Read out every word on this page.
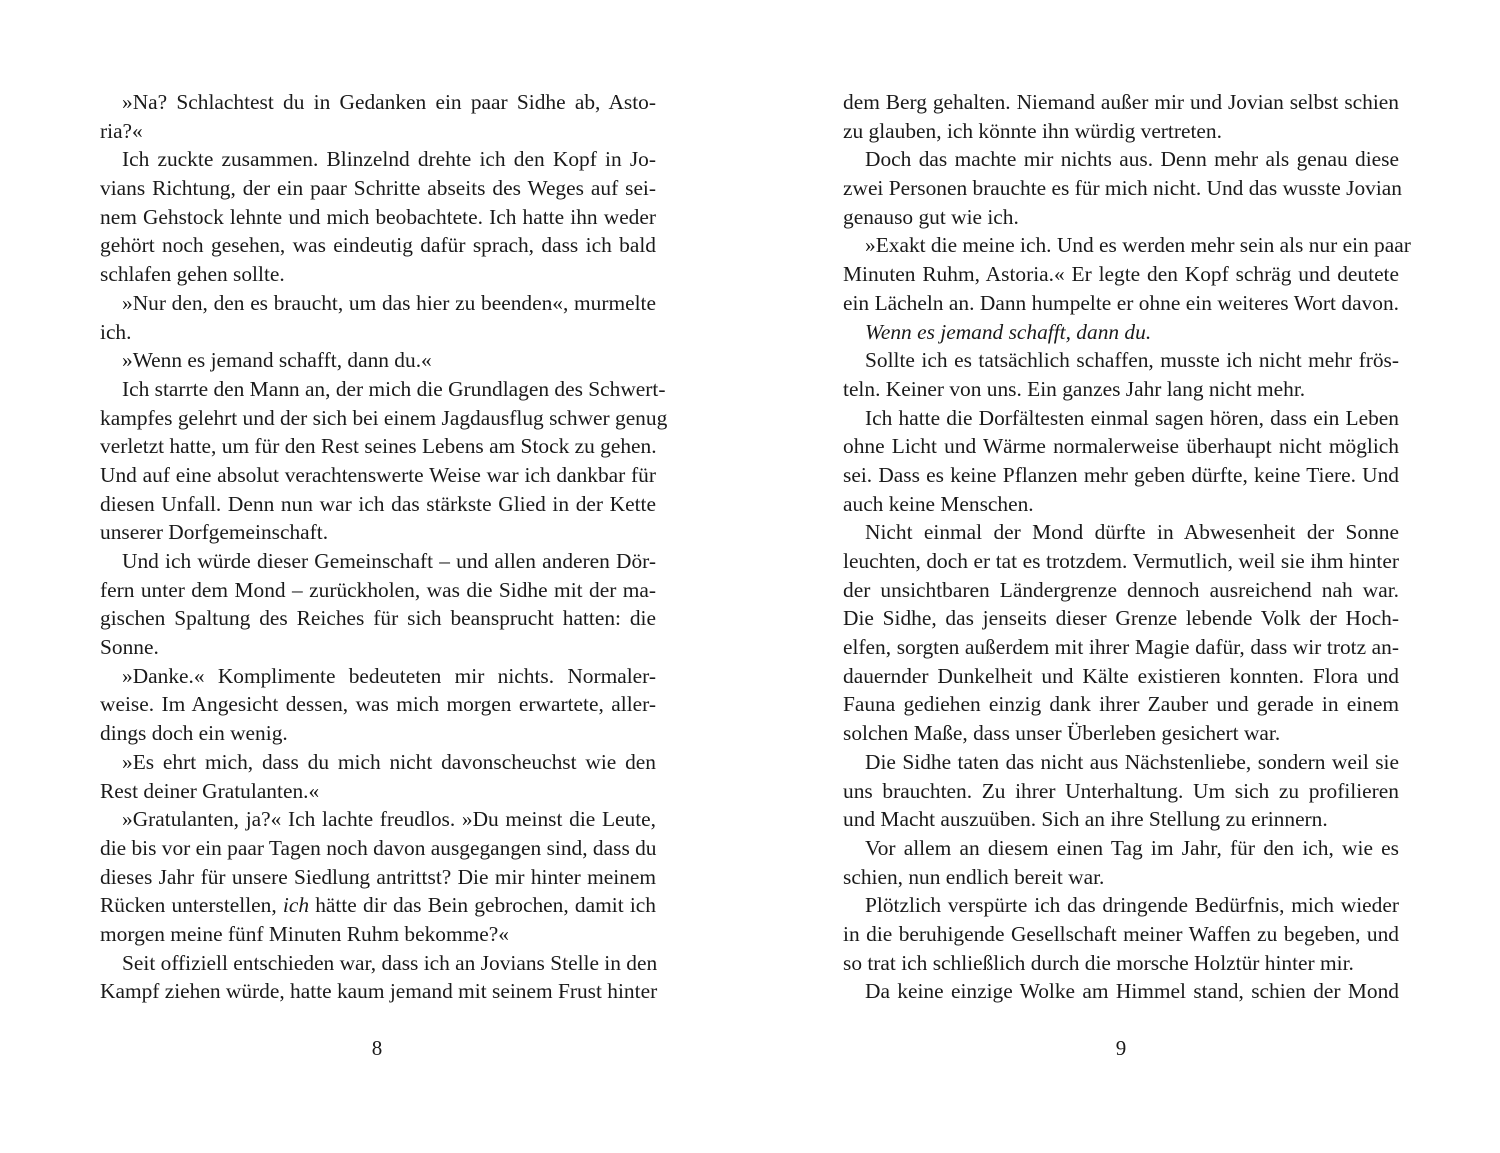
»Na? Schlachtest du in Gedanken ein paar Sidhe ab, Asto-
ria?«
Ich zuckte zusammen. Blinzelnd drehte ich den Kopf in Jo-
vians Richtung, der ein paar Schritte abseits des Weges auf sei-
nem Gehstock lehnte und mich beobachtete. Ich hatte ihn weder
gehört noch gesehen, was eindeutig dafür sprach, dass ich bald
schlafen gehen sollte.
»Nur den, den es braucht, um das hier zu beenden«, murmelte
ich.
»Wenn es jemand schafft, dann du.«
Ich starrte den Mann an, der mich die Grundlagen des Schwert-
kampfes gelehrt und der sich bei einem Jagdausflug schwer genug
verletzt hatte, um für den Rest seines Lebens am Stock zu gehen.
Und auf eine absolut verachtenswerte Weise war ich dankbar für
diesen Unfall. Denn nun war ich das stärkste Glied in der Kette
unserer Dorfgemeinschaft.
Und ich würde dieser Gemeinschaft – und allen anderen Dör-
fern unter dem Mond – zurückholen, was die Sidhe mit der ma-
gischen Spaltung des Reiches für sich beansprucht hatten: die
Sonne.
»Danke.« Komplimente bedeuteten mir nichts. Normaler-
weise. Im Angesicht dessen, was mich morgen erwartete, aller-
dings doch ein wenig.
»Es ehrt mich, dass du mich nicht davonscheuchst wie den
Rest deiner Gratulanten.«
»Gratulanten, ja?« Ich lachte freudlos. »Du meinst die Leute,
die bis vor ein paar Tagen noch davon ausgegangen sind, dass du
dieses Jahr für unsere Siedlung antrittst? Die mir hinter meinem
Rücken unterstellen, ich hätte dir das Bein gebrochen, damit ich
morgen meine fünf Minuten Ruhm bekomme?«
Seit offiziell entschieden war, dass ich an Jovians Stelle in den
Kampf ziehen würde, hatte kaum jemand mit seinem Frust hinter
8
dem Berg gehalten. Niemand außer mir und Jovian selbst schien
zu glauben, ich könnte ihn würdig vertreten.
Doch das machte mir nichts aus. Denn mehr als genau diese
zwei Personen brauchte es für mich nicht. Und das wusste Jovian
genauso gut wie ich.
»Exakt die meine ich. Und es werden mehr sein als nur ein paar
Minuten Ruhm, Astoria.« Er legte den Kopf schräg und deutete
ein Lächeln an. Dann humpelte er ohne ein weiteres Wort davon.
Wenn es jemand schafft, dann du.
Sollte ich es tatsächlich schaffen, musste ich nicht mehr frös-
teln. Keiner von uns. Ein ganzes Jahr lang nicht mehr.
Ich hatte die Dorfältesten einmal sagen hören, dass ein Leben
ohne Licht und Wärme normalerweise überhaupt nicht möglich
sei. Dass es keine Pflanzen mehr geben dürfte, keine Tiere. Und
auch keine Menschen.
Nicht einmal der Mond dürfte in Abwesenheit der Sonne
leuchten, doch er tat es trotzdem. Vermutlich, weil sie ihm hinter
der unsichtbaren Ländergrenze dennoch ausreichend nah war.
Die Sidhe, das jenseits dieser Grenze lebende Volk der Hoch-
elfen, sorgten außerdem mit ihrer Magie dafür, dass wir trotz an-
dauernder Dunkelheit und Kälte existieren konnten. Flora und
Fauna gediehen einzig dank ihrer Zauber und gerade in einem
solchen Maße, dass unser Überleben gesichert war.
Die Sidhe taten das nicht aus Nächstenliebe, sondern weil sie
uns brauchten. Zu ihrer Unterhaltung. Um sich zu profilieren
und Macht auszuüben. Sich an ihre Stellung zu erinnern.
Vor allem an diesem einen Tag im Jahr, für den ich, wie es
schien, nun endlich bereit war.
Plötzlich verspürte ich das dringende Bedürfnis, mich wieder
in die beruhigende Gesellschaft meiner Waffen zu begeben, und
so trat ich schließlich durch die morsche Holztür hinter mir.
Da keine einzige Wolke am Himmel stand, schien der Mond
9
